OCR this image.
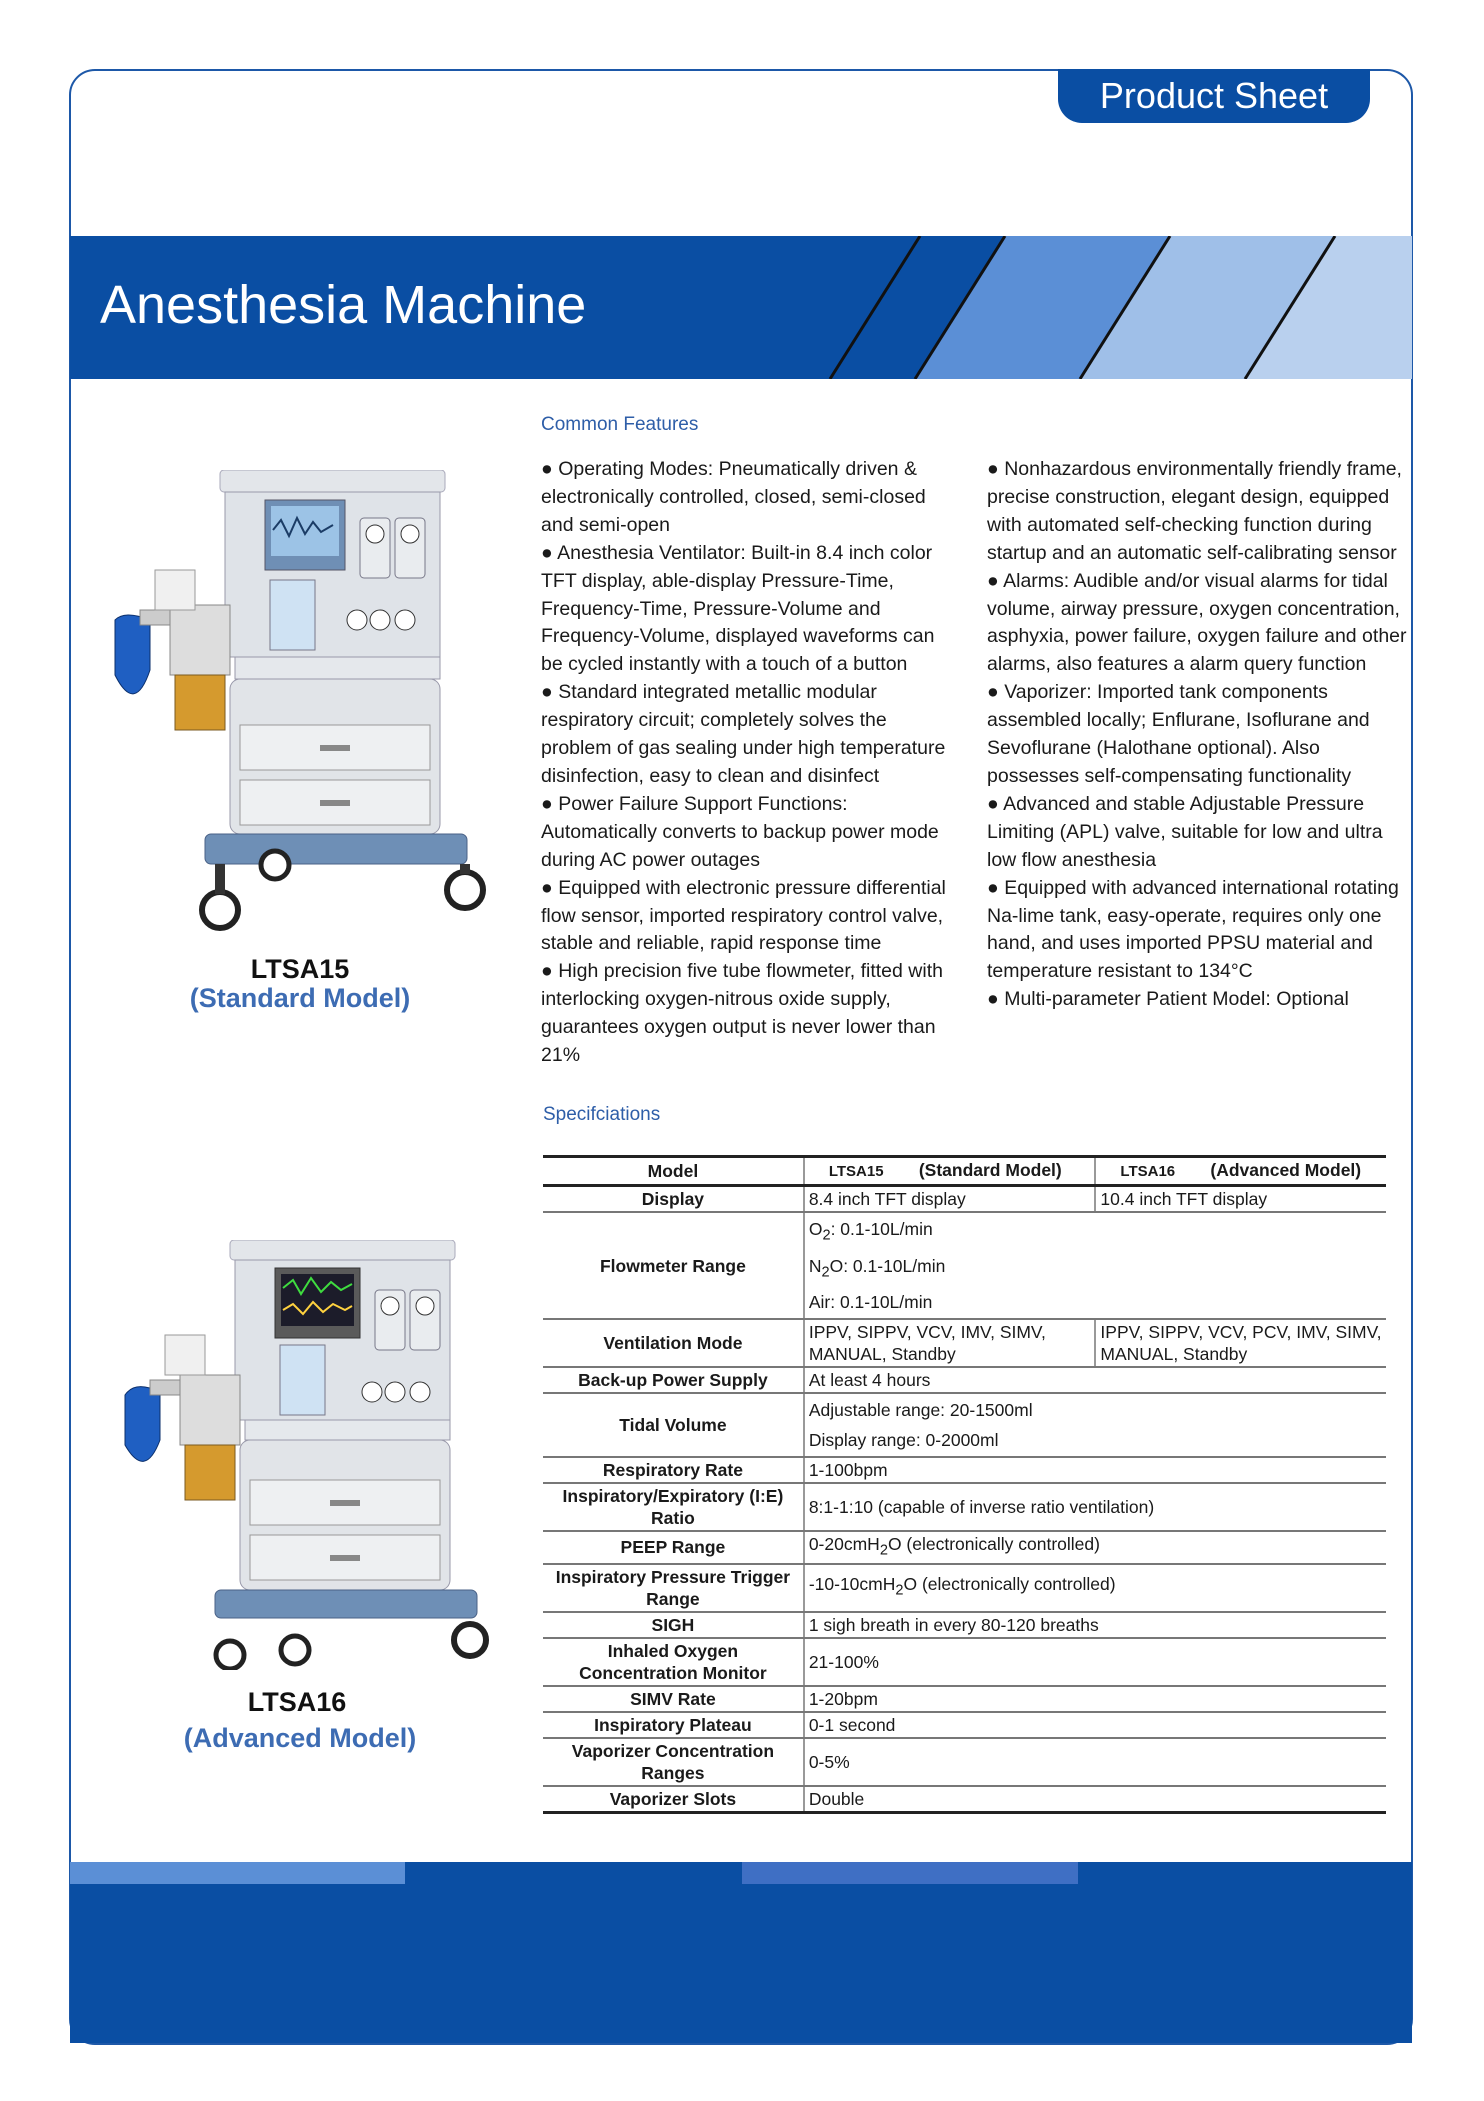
Product Sheet
Anesthesia Machine
LTSA15
(Standard Model)
LTSA16
(Advanced Model)
Common Features

● Operating Modes: Pneumatically driven & electronically controlled, closed, semi-closed and semi-open

● Anesthesia Ventilator: Built-in 8.4 inch color TFT display, able-display Pressure-Time, Frequency-Time, Pressure-Volume and Frequency-Volume, displayed waveforms can be cycled instantly with a touch of a button

● Standard integrated metallic modular respiratory circuit; completely solves the problem of gas sealing under high temperature disinfection, easy to clean and disinfect

● Power Failure Support Functions: Automatically converts to backup power mode during AC power outages

● Equipped with electronic pressure differential flow sensor, imported respiratory control valve, stable and reliable, rapid response time

● High precision five tube flowmeter, fitted with interlocking oxygen-nitrous oxide supply, guarantees oxygen output is never lower than 21%

● Nonhazardous environmentally friendly frame, precise construction, elegant design, equipped with automated self-checking function during startup and an automatic self-calibrating sensor

● Alarms: Audible and/or visual alarms for tidal volume, airway pressure, oxygen concentration, asphyxia, power failure, oxygen failure and other alarms, also features a alarm query function

● Vaporizer: Imported tank components assembled locally; Enflurane, Isoflurane and Sevoflurane (Halothane optional). Also possesses self-compensating functionality

● Advanced and stable Adjustable Pressure Limiting (APL) valve, suitable for low and ultra low flow anesthesia

● Equipped with advanced international rotating Na-lime tank, easy-operate, requires only one hand, and uses imported PPSU material and temperature resistant to 134°C

● Multi-parameter Patient Model: Optional

Specifciations
Model	LTSA15 (Standard Model)	LTSA16 (Advanced Model)
Display	8.4 inch TFT display	10.4 inch TFT display
Flowmeter Range	$O_2$: 0.1-10L/min
$N_2O$: 0.1-10L/min
Air: 0.1-10L/min	

Ventilation Mode	IPPV, SIPPV, VCV, IMV, SIMV, MANUAL, Standby	IPPV, SIPPV, VCV, PCV, IMV, SIMV, MANUAL, Standby
Back-up Power Supply	At least 4 hours	
Tidal Volume	Adjustable range: 20-1500ml
Display range: 0-2000ml	

Respiratory Rate	1-100bpm	
Inspiratory/Expiratory (I:E) Ratio	8:1-1:10 (capable of inverse ratio ventilation)	
PEEP Range	0-20cmH$_2$O (electronically controlled)	
Inspiratory Pressure Trigger Range	-10-10cmH$_2$O (electronically controlled)	
SIGH	1 sigh breath in every 80-120 breaths	
Inhaled Oxygen Concentration Monitor	21-100%	
SIMV Rate	1-20bpm	
Inspiratory Plateau	0-1 second	
Vaporizer Concentration Ranges	0-5%	
Vaporizer Slots	Double	
